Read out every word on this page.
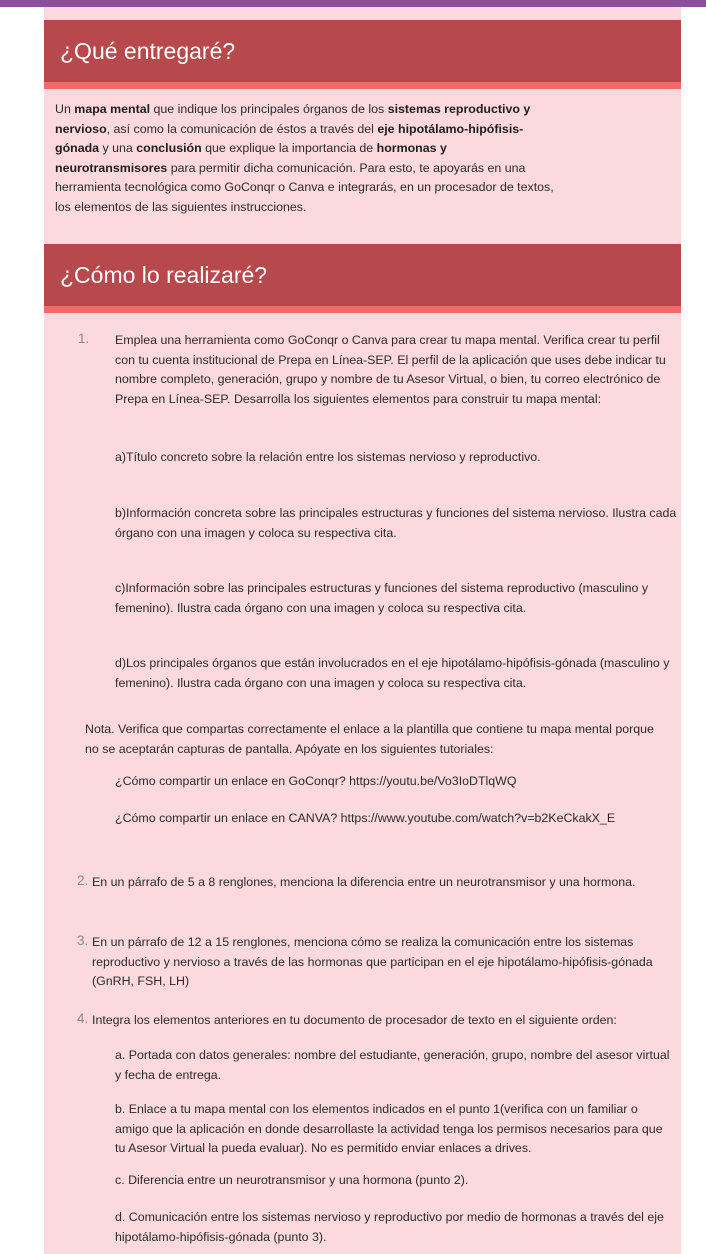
¿Qué entregaré?
Un mapa mental que indique los principales órganos de los sistemas reproductivo y nervioso, así como la comunicación de éstos a través del eje hipotálamo-hipófisis-gónada y una conclusión que explique la importancia de hormonas y neurotransmisores para permitir dicha comunicación. Para esto, te apoyarás en una herramienta tecnológica como GoConqr o Canva e integrarás, en un procesador de textos, los elementos de las siguientes instrucciones.
¿Cómo lo realizaré?
1. Emplea una herramienta como GoConqr o Canva para crear tu mapa mental. Verifica crear tu perfil con tu cuenta institucional de Prepa en Línea-SEP. El perfil de la aplicación que uses debe indicar tu nombre completo, generación, grupo y nombre de tu Asesor Virtual, o bien, tu correo electrónico de Prepa en Línea-SEP. Desarrolla los siguientes elementos para construir tu mapa mental:
a)Título concreto sobre la relación entre los sistemas nervioso y reproductivo.
b)Información concreta sobre las principales estructuras y funciones del sistema nervioso. Ilustra cada órgano con una imagen y coloca su respectiva cita.
c)Información sobre las principales estructuras y funciones del sistema reproductivo (masculino y femenino). Ilustra cada órgano con una imagen y coloca su respectiva cita.
d)Los principales órganos que están involucrados en el eje hipotálamo-hipófisis-gónada (masculino y femenino). Ilustra cada órgano con una imagen y coloca su respectiva cita.
Nota. Verifica que compartas correctamente el enlace a la plantilla que contiene tu mapa mental porque no se aceptarán capturas de pantalla. Apóyate en los siguientes tutoriales:
¿Cómo compartir un enlace en GoConqr? https://youtu.be/Vo3IoDTlqWQ
¿Cómo compartir un enlace en CANVA? https://www.youtube.com/watch?v=b2KeCkakX_E
2. En un párrafo de 5 a 8 renglones, menciona la diferencia entre un neurotransmisor y una hormona.
3. En un párrafo de 12 a 15 renglones, menciona cómo se realiza la comunicación entre los sistemas reproductivo y nervioso a través de las hormonas que participan en el eje hipotálamo-hipófisis-gónada (GnRH, FSH, LH)
4. Integra los elementos anteriores en tu documento de procesador de texto en el siguiente orden:
a. Portada con datos generales: nombre del estudiante, generación, grupo, nombre del asesor virtual y fecha de entrega.
b. Enlace a tu mapa mental con los elementos indicados en el punto 1(verifica con un familiar o amigo que la aplicación en donde desarrollaste la actividad tenga los permisos necesarios para que tu Asesor Virtual la pueda evaluar). No es permitido enviar enlaces a drives.
c. Diferencia entre un neurotransmisor y una hormona (punto 2).
d. Comunicación entre los sistemas nervioso y reproductivo por medio de hormonas a través del eje hipotálamo-hipófisis-gónada (punto 3).
